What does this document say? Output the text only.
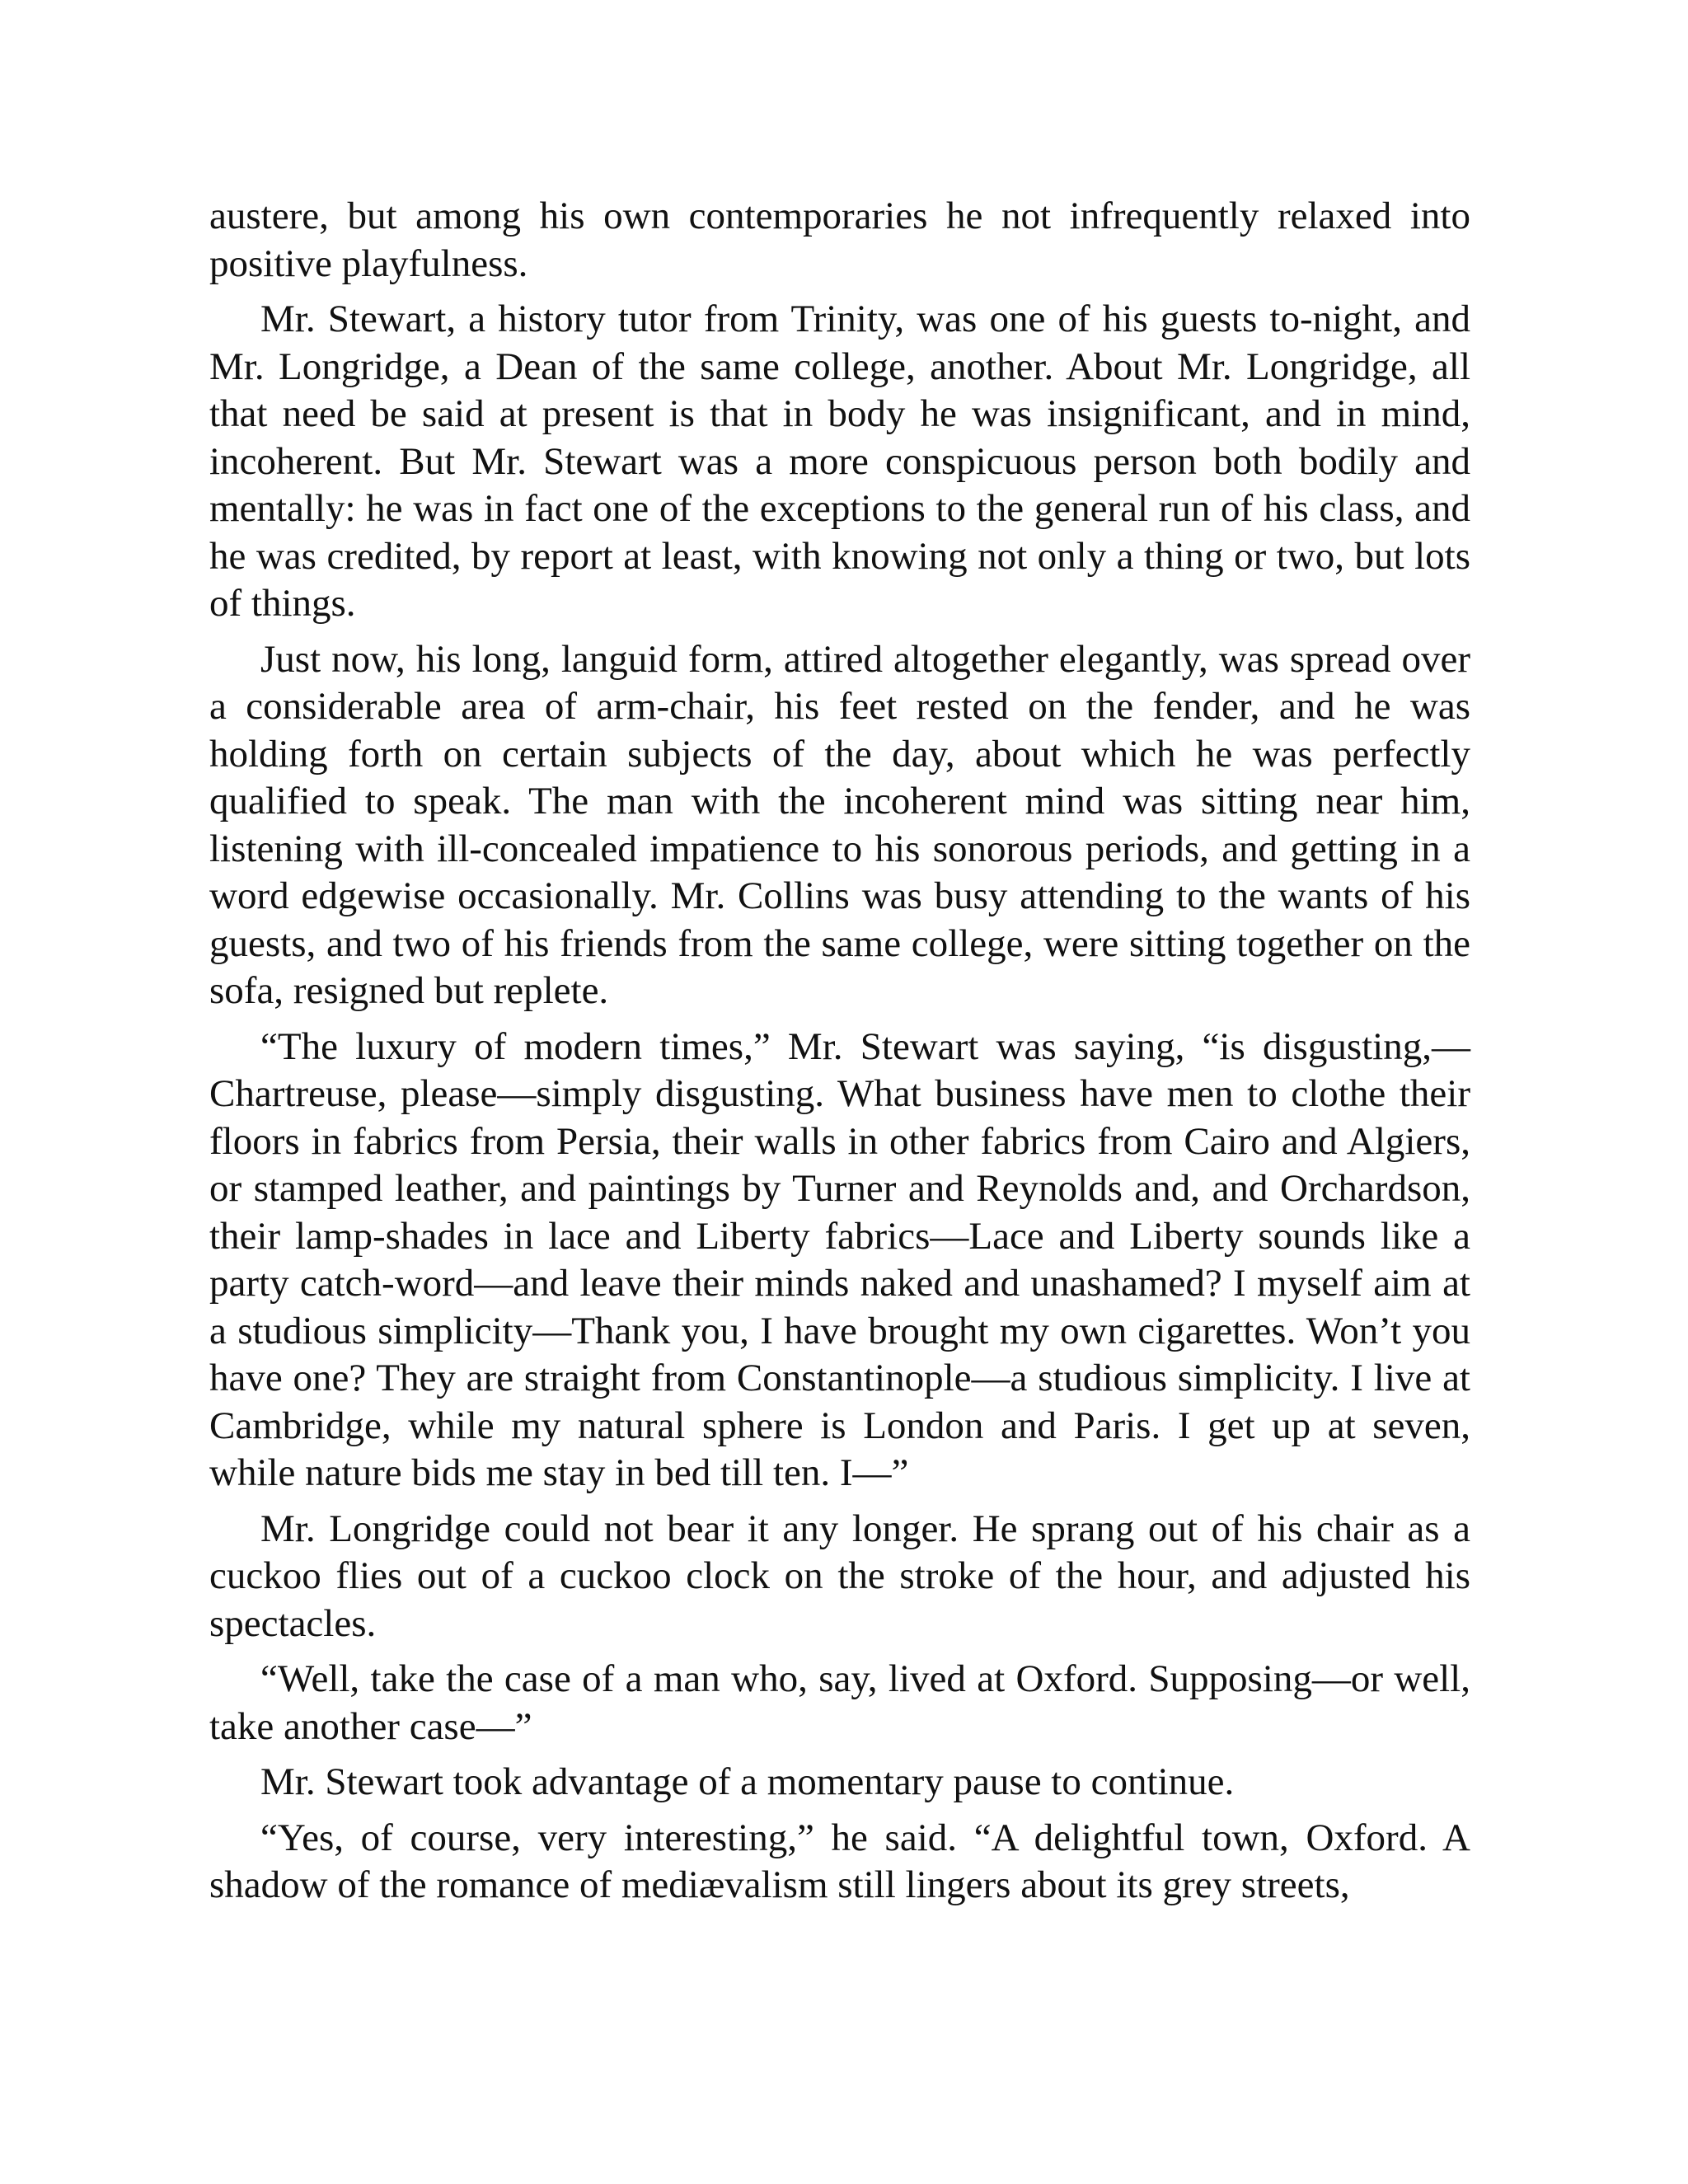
austere, but among his own contemporaries he not infrequently relaxed into positive playfulness.

Mr. Stewart, a history tutor from Trinity, was one of his guests to-night, and Mr. Longridge, a Dean of the same college, another. About Mr. Longridge, all that need be said at present is that in body he was insignificant, and in mind, incoherent. But Mr. Stewart was a more conspicuous person both bodily and mentally: he was in fact one of the exceptions to the general run of his class, and he was credited, by report at least, with knowing not only a thing or two, but lots of things.

Just now, his long, languid form, attired altogether elegantly, was spread over a considerable area of arm-chair, his feet rested on the fender, and he was holding forth on certain subjects of the day, about which he was perfectly qualified to speak. The man with the incoherent mind was sitting near him, listening with ill-concealed impatience to his sonorous periods, and getting in a word edgewise occasionally. Mr. Collins was busy attending to the wants of his guests, and two of his friends from the same college, were sitting together on the sofa, resigned but replete.

“The luxury of modern times,” Mr. Stewart was saying, “is disgusting,—Chartreuse, please—simply disgusting. What business have men to clothe their floors in fabrics from Persia, their walls in other fabrics from Cairo and Algiers, or stamped leather, and paintings by Turner and Reynolds and, and Orchardson, their lamp-shades in lace and Liberty fabrics—Lace and Liberty sounds like a party catch-word—and leave their minds naked and unashamed? I myself aim at a studious simplicity—Thank you, I have brought my own cigarettes. Won’t you have one? They are straight from Constantinople—a studious simplicity. I live at Cambridge, while my natural sphere is London and Paris. I get up at seven, while nature bids me stay in bed till ten. I—”

Mr. Longridge could not bear it any longer. He sprang out of his chair as a cuckoo flies out of a cuckoo clock on the stroke of the hour, and adjusted his spectacles.

“Well, take the case of a man who, say, lived at Oxford. Supposing—or well, take another case—”

Mr. Stewart took advantage of a momentary pause to continue.

“Yes, of course, very interesting,” he said. “A delightful town, Oxford. A shadow of the romance of mediævalism still lingers about its grey streets,
